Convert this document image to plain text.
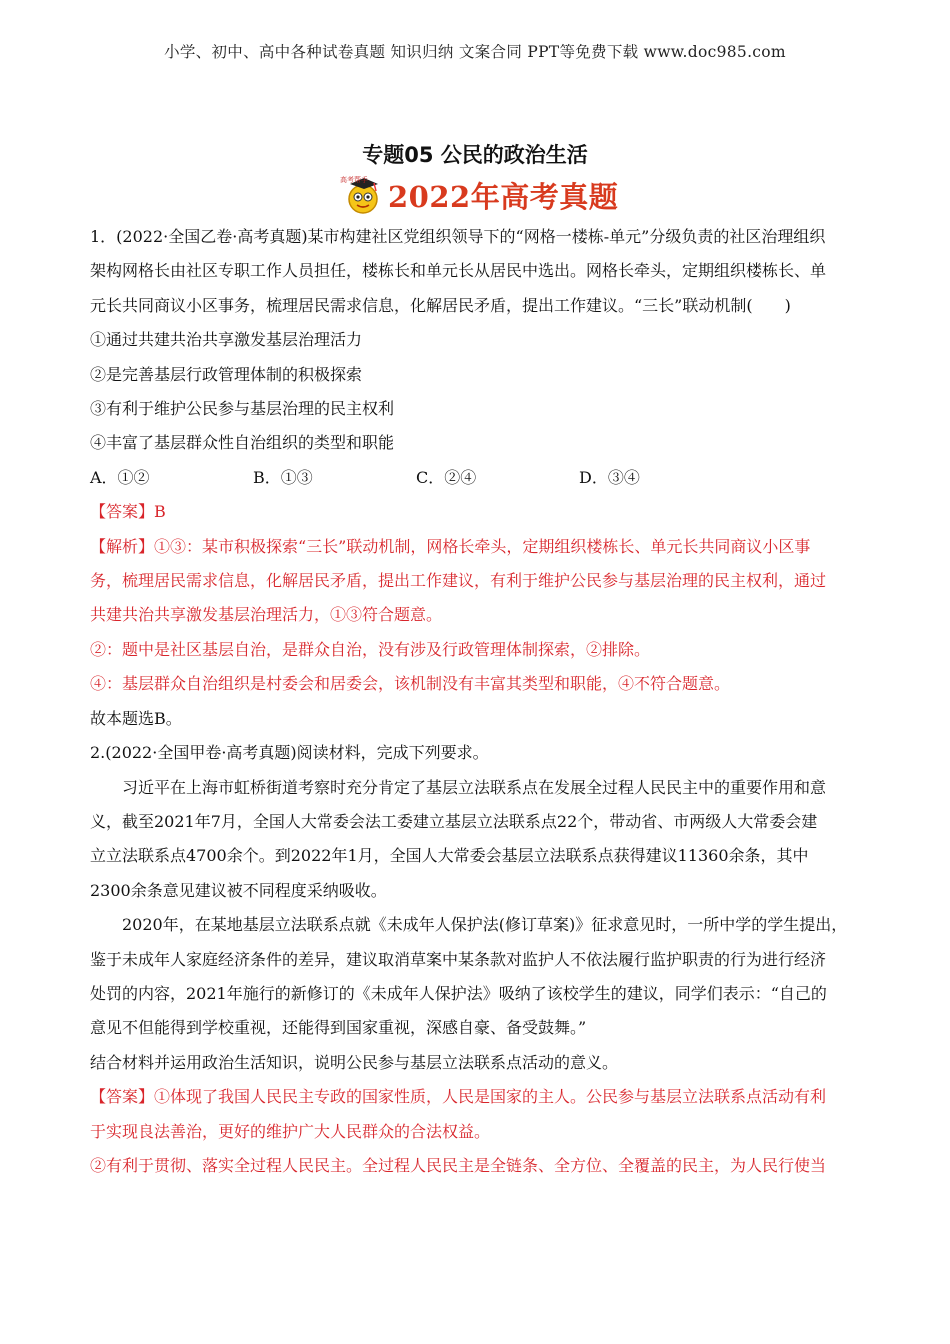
小学、初中、高中各种试卷真题 知识归纳 文案合同 PPT等免费下载 www.doc985.com
专题05 公民的政治生活
高考帮手 2022年高考真题
1．(2022·全国乙卷·高考真题)某市构建社区党组织领导下的“网格一楼栋-单元”分级负责的社区治理组织
架构网格长由社区专职工作人员担任，楼栋长和单元长从居民中选出。网格长牵头，定期组织楼栋长、单
元长共同商议小区事务，梳理居民需求信息，化解居民矛盾，提出工作建议。“三长”联动机制(　　)
①通过共建共治共享激发基层治理活力
②是完善基层行政管理体制的积极探索
③有利于维护公民参与基层治理的民主权利
④丰富了基层群众性自治组织的类型和职能
A．①②	B．①③	C．②④	D．③④
【答案】B
【解析】①③：某市积极探索“三长”联动机制，网格长牵头，定期组织楼栋长、单元长共同商议小区事
务，梳理居民需求信息，化解居民矛盾，提出工作建议，有利于维护公民参与基层治理的民主权利，通过
共建共治共享激发基层治理活力，①③符合题意。
②：题中是社区基层自治，是群众自治，没有涉及行政管理体制探索，②排除。
④：基层群众自治组织是村委会和居委会，该机制没有丰富其类型和职能，④不符合题意。
故本题选B。
2.(2022·全国甲卷·高考真题)阅读材料，完成下列要求。
习近平在上海市虹桥街道考察时充分肯定了基层立法联系点在发展全过程人民民主中的重要作用和意
义，截至2021年7月，全国人大常委会法工委建立基层立法联系点22个，带动省、市两级人大常委会建
立立法联系点4700余个。到2022年1月，全国人大常委会基层立法联系点获得建议11360余条，其中
2300余条意见建议被不同程度采纳吸收。
2020年，在某地基层立法联系点就《未成年人保护法(修订草案)》征求意见时，一所中学的学生提出，
鉴于未成年人家庭经济条件的差异，建议取消草案中某条款对监护人不依法履行监护职责的行为进行经济
处罚的内容，2021年施行的新修订的《未成年人保护法》吸纳了该校学生的建议，同学们表示：“自己的
意见不但能得到学校重视，还能得到国家重视，深感自豪、备受鼓舞。”
结合材料并运用政治生活知识，说明公民参与基层立法联系点活动的意义。
【答案】①体现了我国人民民主专政的国家性质，人民是国家的主人。公民参与基层立法联系点活动有利
于实现良法善治，更好的维护广大人民群众的合法权益。
②有利于贯彻、落实全过程人民民主。全过程人民民主是全链条、全方位、全覆盖的民主，为人民行使当
